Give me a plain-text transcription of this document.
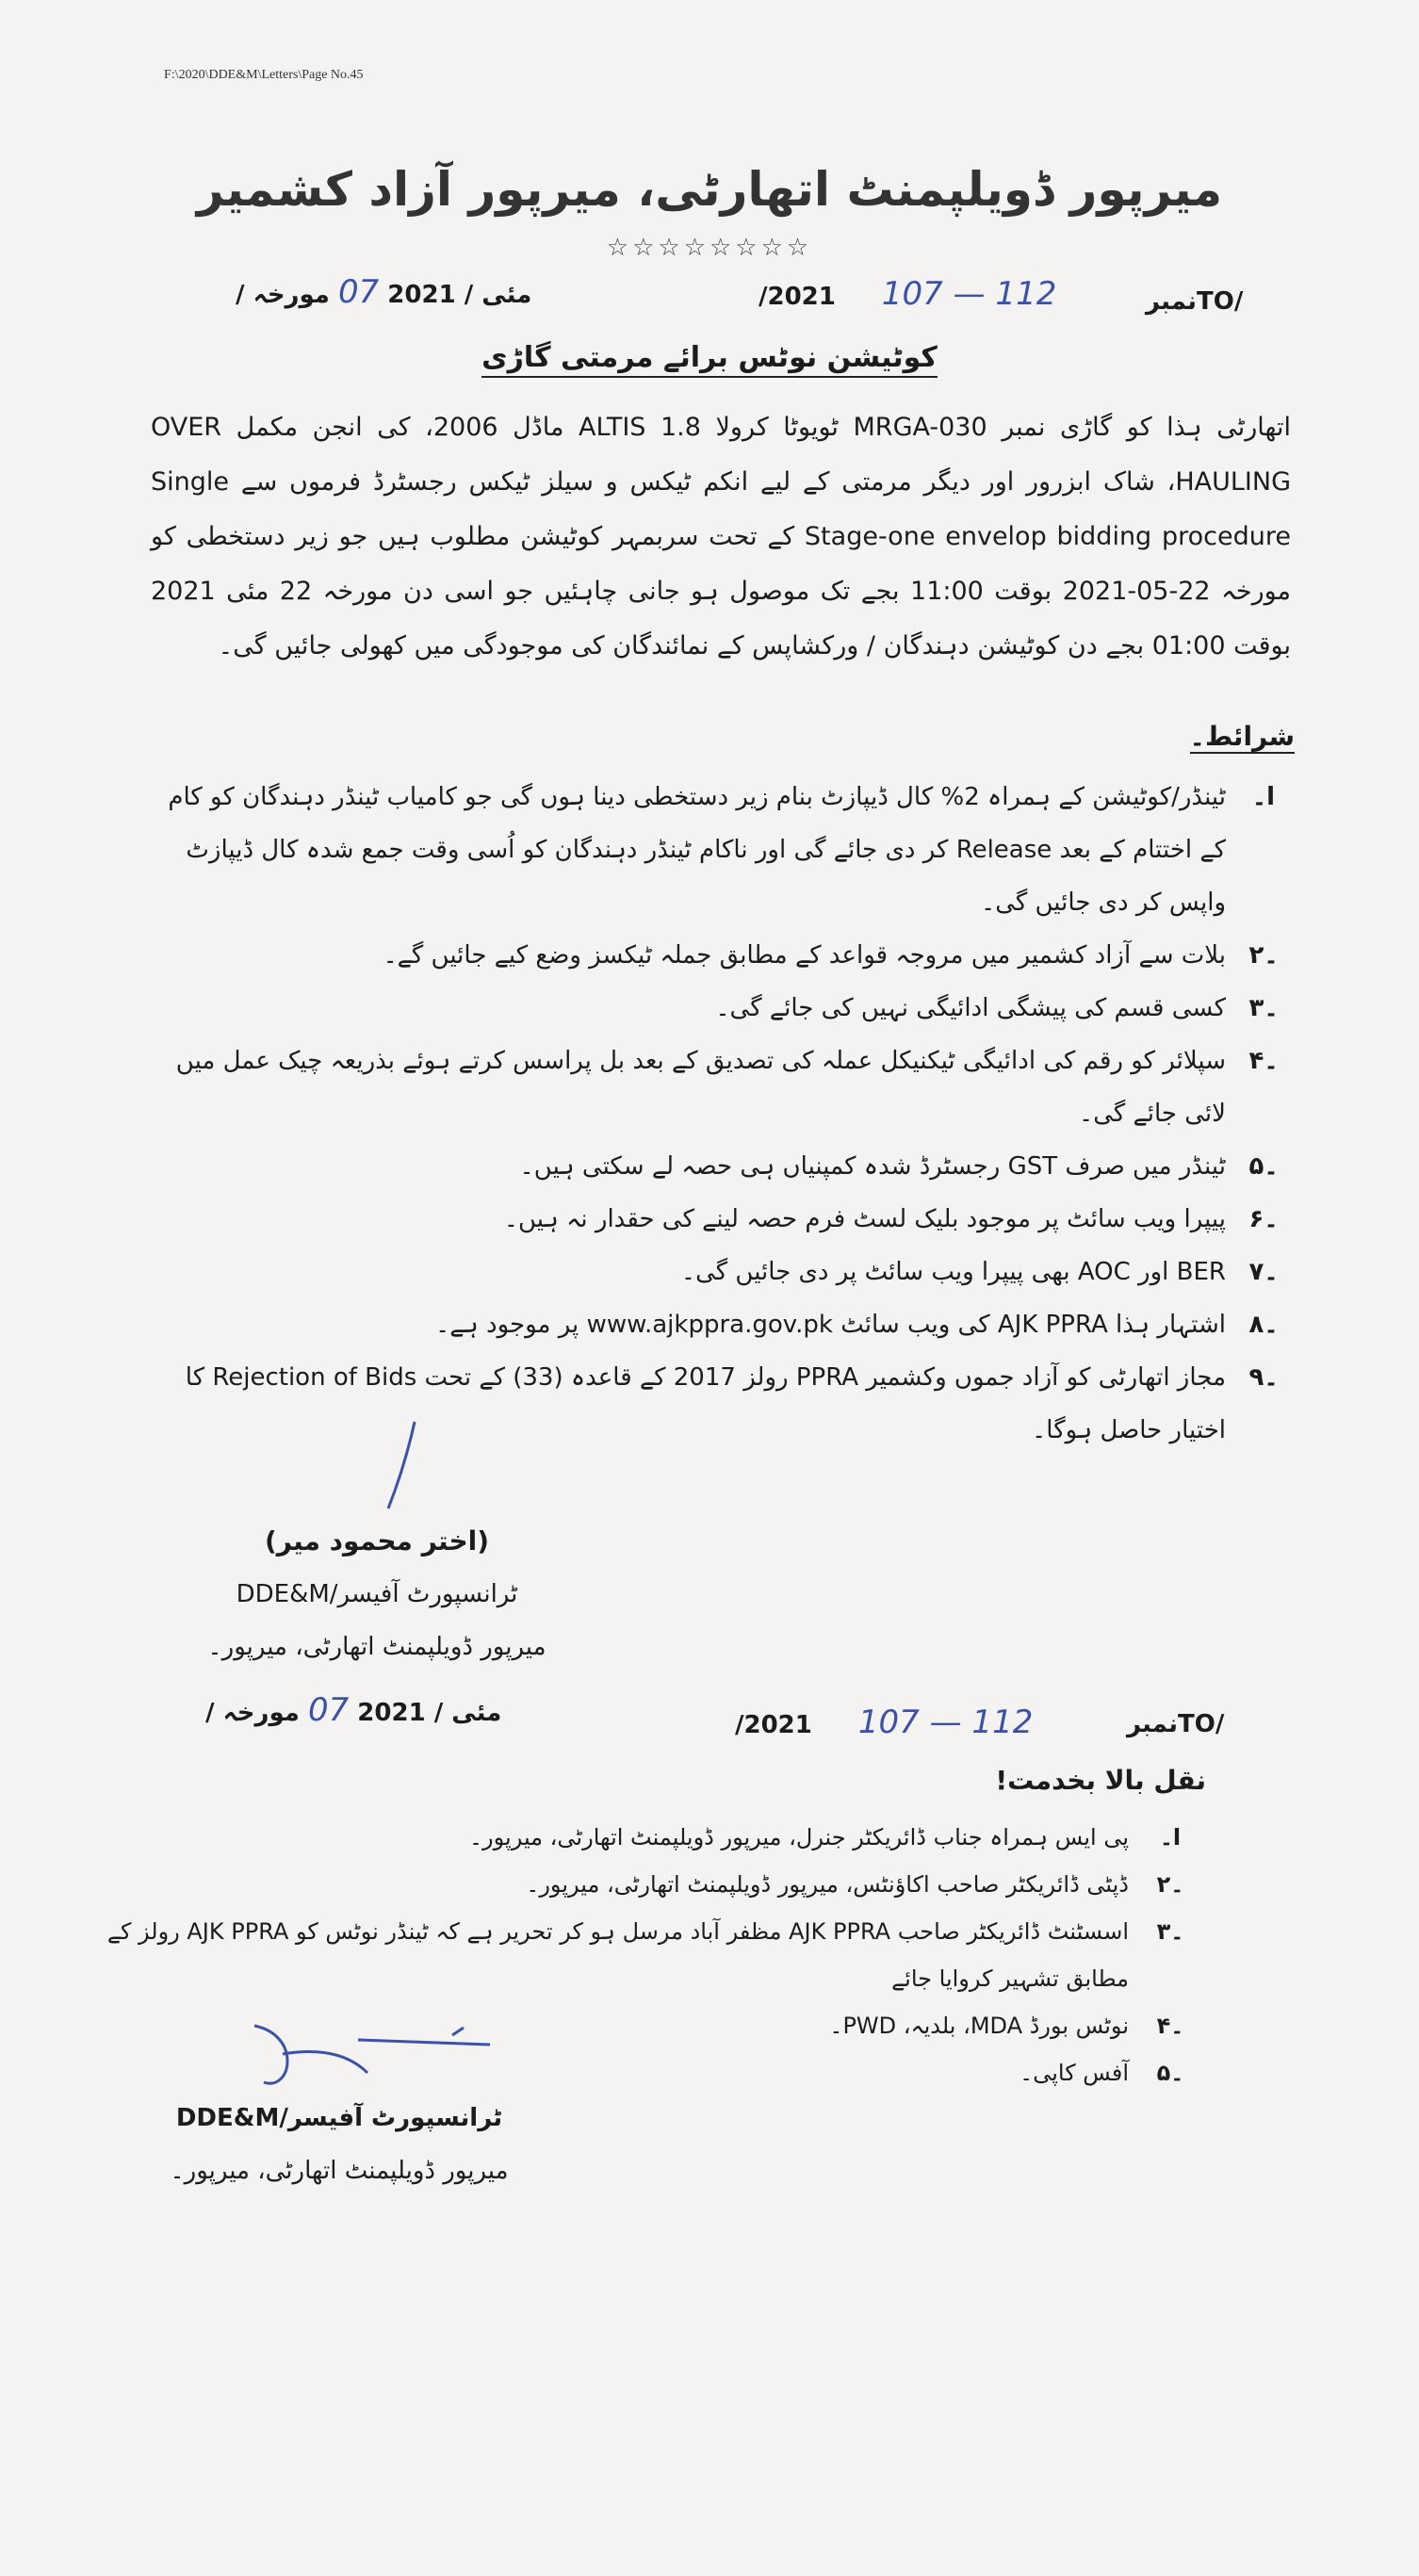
F:\2020\DDE&M\Letters\Page No.45
میرپور ڈویلپمنٹ اتھارٹی، میرپور آزاد کشمیر
☆☆☆☆☆☆☆☆
/ مئی / 2021 07 مورخہ	/2021 107 — 112	نمبرTO/
کوٹیشن نوٹس برائے مرمتی گاڑی
اتھارٹی ہذا کو گاڑی نمبر MRGA-030 ٹویوٹا کرولا ALTIS 1.8 ماڈل 2006، کی انجن مکمل OVER HAULING، شاک ابزرور اور دیگر مرمتی کے لیے انکم ٹیکس و سیلز ٹیکس رجسٹرڈ فرموں سے Single Stage-one envelop bidding procedure کے تحت سربمہر کوٹیشن مطلوب ہیں جو زیر دستخطی کو مورخہ 22-05-2021 بوقت 11:00 بجے تک موصول ہو جانی چاہئیں جو اسی دن مورخہ 22 مئی 2021 بوقت 01:00 بجے دن کوٹیشن دہندگان / ورکشاپس کے نمائندگان کی موجودگی میں کھولی جائیں گی۔
شرائط۔
ا۔
ٹینڈر/کوٹیشن کے ہمراہ 2% کال ڈیپازٹ بنام زیر دستخطی دینا ہوں گی جو کامیاب ٹینڈر دہندگان کو کام کے اختتام کے بعد Release کر دی جائے گی اور ناکام ٹینڈر دہندگان کو اُسی وقت جمع شدہ کال ڈیپازٹ واپس کر دی جائیں گی۔
۲۔
بلات سے آزاد کشمیر میں مروجہ قواعد کے مطابق جملہ ٹیکسز وضع کیے جائیں گے۔
۳۔
کسی قسم کی پیشگی ادائیگی نہیں کی جائے گی۔
۴۔
سپلائر کو رقم کی ادائیگی ٹیکنیکل عملہ کی تصدیق کے بعد بل پراسس کرتے ہوئے بذریعہ چیک عمل میں لائی جائے گی۔
۵۔
ٹینڈر میں صرف GST رجسٹرڈ شدہ کمپنیاں ہی حصہ لے سکتی ہیں۔
۶۔
پیپرا ویب سائٹ پر موجود بلیک لسٹ فرم حصہ لینے کی حقدار نہ ہیں۔
۷۔
BER اور AOC بھی پیپرا ویب سائٹ پر دی جائیں گی۔
۸۔
اشتہار ہذا AJK PPRA کی ویب سائٹ www.ajkppra.gov.pk پر موجود ہے۔
۹۔
مجاز اتھارٹی کو آزاد جموں وکشمیر PPRA رولز 2017 کے قاعدہ (33) کے تحت Rejection of Bids کا اختیار حاصل ہوگا۔
(اختر محمود میر)
ٹرانسپورٹ آفیسر/DDE&M
میرپور ڈویلپمنٹ اتھارٹی، میرپور۔
/ مئی / 2021 07 مورخہ	/2021 107 — 112	نمبرTO/
نقل بالا بخدمت!
ا۔
پی ایس ہمراہ جناب ڈائریکٹر جنرل، میرپور ڈویلپمنٹ اتھارٹی، میرپور۔
۲۔
ڈپٹی ڈائریکٹر صاحب اکاؤنٹس، میرپور ڈویلپمنٹ اتھارٹی، میرپور۔
۳۔
اسسٹنٹ ڈائریکٹر صاحب AJK PPRA مظفر آباد مرسل ہو کر تحریر ہے کہ ٹینڈر نوٹس کو AJK PPRA رولز کے مطابق تشہیر کروایا جائے
۴۔
نوٹس بورڈ MDA، بلدیہ، PWD۔
۵۔
آفس کاپی۔
ٹرانسپورٹ آفیسر/DDE&M
میرپور ڈویلپمنٹ اتھارٹی، میرپور۔
